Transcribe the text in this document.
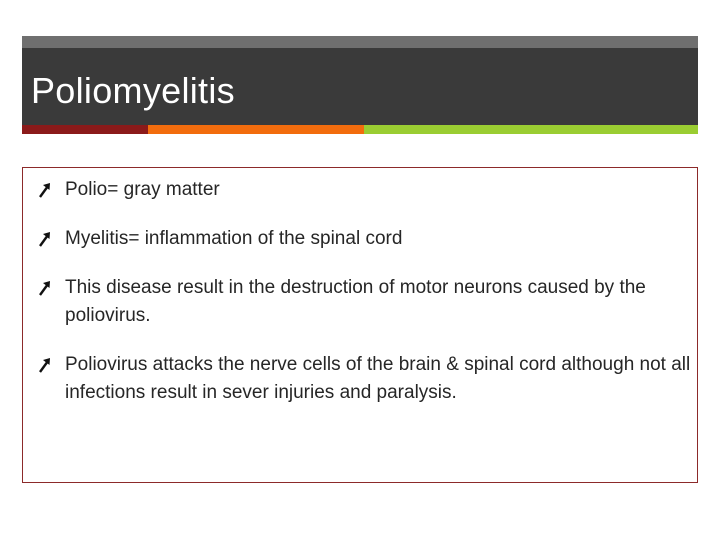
Poliomyelitis
Polio= gray matter
Myelitis= inflammation of the spinal cord
This disease result in the destruction of motor neurons caused by the poliovirus.
Poliovirus attacks the nerve cells of the brain & spinal cord although not all infections result in sever injuries and paralysis.
